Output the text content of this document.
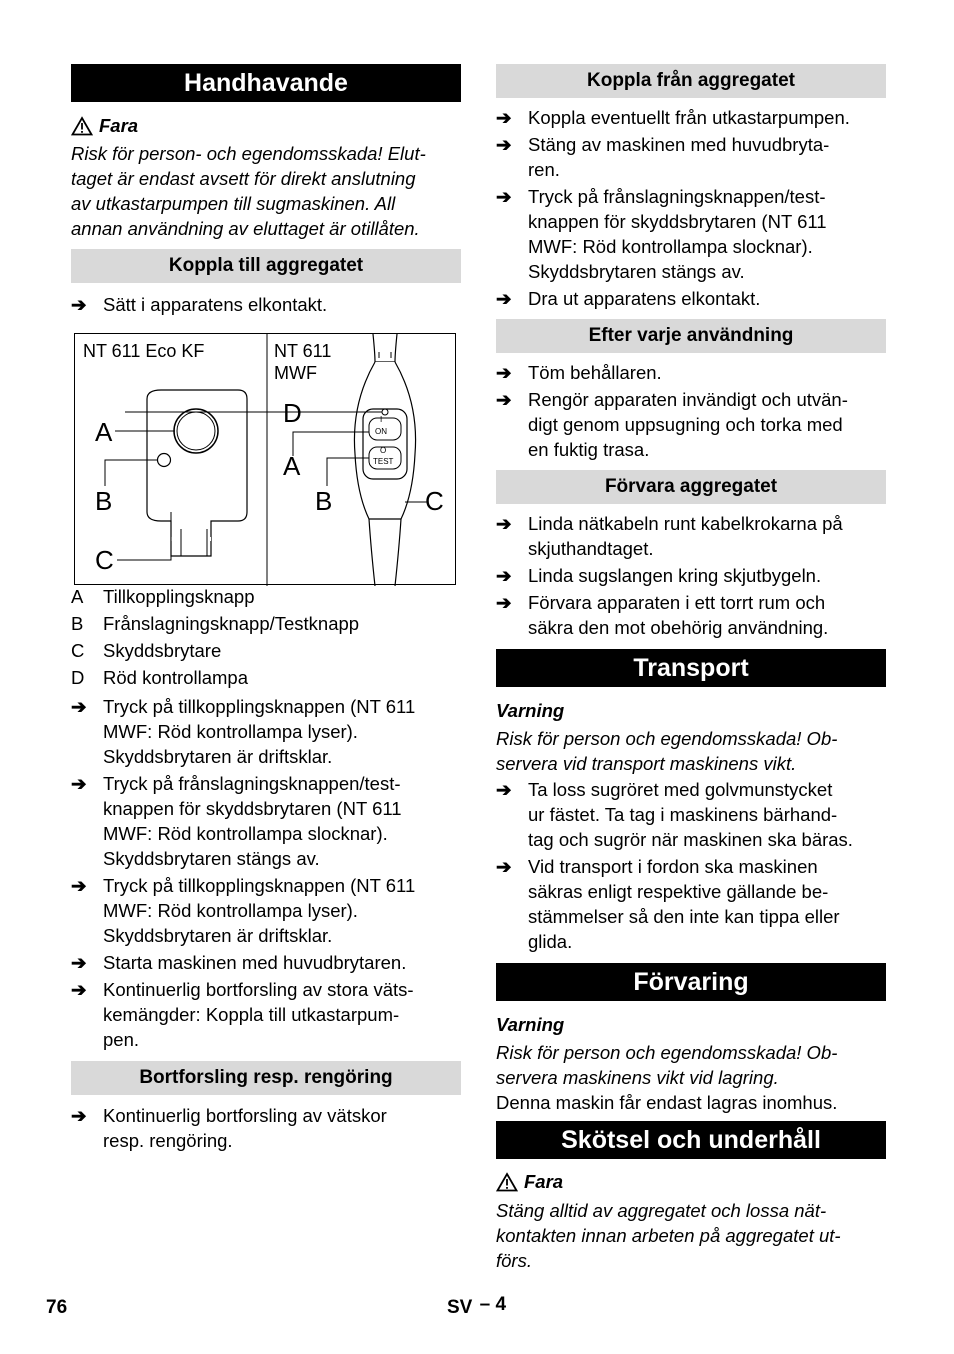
Handhavande
Fara

Risk för person- och egendomsskada! Elut-

taget är endast avsett för direkt anslutning

av utkastarpumpen till sugmaskinen. All

annan användning av eluttaget är otillåten.

Koppla till aggregatet
➔ Sätt i apparatens elkontakt.

NT 611 Eco KF	NT 611
MWF
A
B
C
D
A
B	C
I
ON
O
TEST
A Tillkopplingsknapp
B Frånslagningsknapp/Testknapp
C Skyddsbrytare
D Röd kontrollampa
➔ Tryck på tillkopplingsknappen (NT 611

MWF: Röd kontrollampa lyser).

Skyddsbrytaren är driftsklar.

➔ Tryck på frånslagningsknappen/test-

knappen för skyddsbrytaren (NT 611

MWF: Röd kontrollampa slocknar).

Skyddsbrytaren stängs av.

➔ Tryck på tillkopplingsknappen (NT 611

MWF: Röd kontrollampa lyser).

Skyddsbrytaren är driftsklar.

➔ Starta maskinen med huvudbrytaren.

➔ Kontinuerlig bortforsling av stora väts-

kemängder: Koppla till utkastarpum-

pen.

Bortforsling resp. rengöring
➔ Kontinuerlig bortforsling av vätskor

resp. rengöring.

Koppla från aggregatet
➔ Koppla eventuellt från utkastarpumpen.

➔ Stäng av maskinen med huvudbryta-

ren.

➔ Tryck på frånslagningsknappen/test-

knappen för skyddsbrytaren (NT 611

MWF: Röd kontrollampa slocknar).

Skyddsbrytaren stängs av.

➔ Dra ut apparatens elkontakt.

Efter varje användning
➔ Töm behållaren.

➔ Rengör apparaten invändigt och utvän-

digt genom uppsugning och torka med

en fuktig trasa.

Förvara aggregatet
➔ Linda nätkabeln runt kabelkrokarna på

skjuthandtaget.

➔ Linda sugslangen kring skjutbygeln.

➔ Förvara apparaten i ett torrt rum och

säkra den mot obehörig användning.

Transport

Varning

Risk för person och egendomsskada! Ob-

servera vid transport maskinens vikt.

➔ Ta loss sugröret med golvmunstycket

ur fästet. Ta tag i maskinens bärhand-

tag och sugrör när maskinen ska bäras.

➔ Vid transport i fordon ska maskinen

säkras enligt respektive gällande be-

stämmelser så den inte kan tippa eller

glida.

Förvaring

Varning

Risk för person och egendomsskada! Ob-

servera maskinens vikt vid lagring.

Denna maskin får endast lagras inomhus.

Skötsel och underhåll
Fara

Stäng alltid av aggregatet och lossa nät-

kontakten innan arbeten på aggregatet ut-

förs.

76	SV – 4
